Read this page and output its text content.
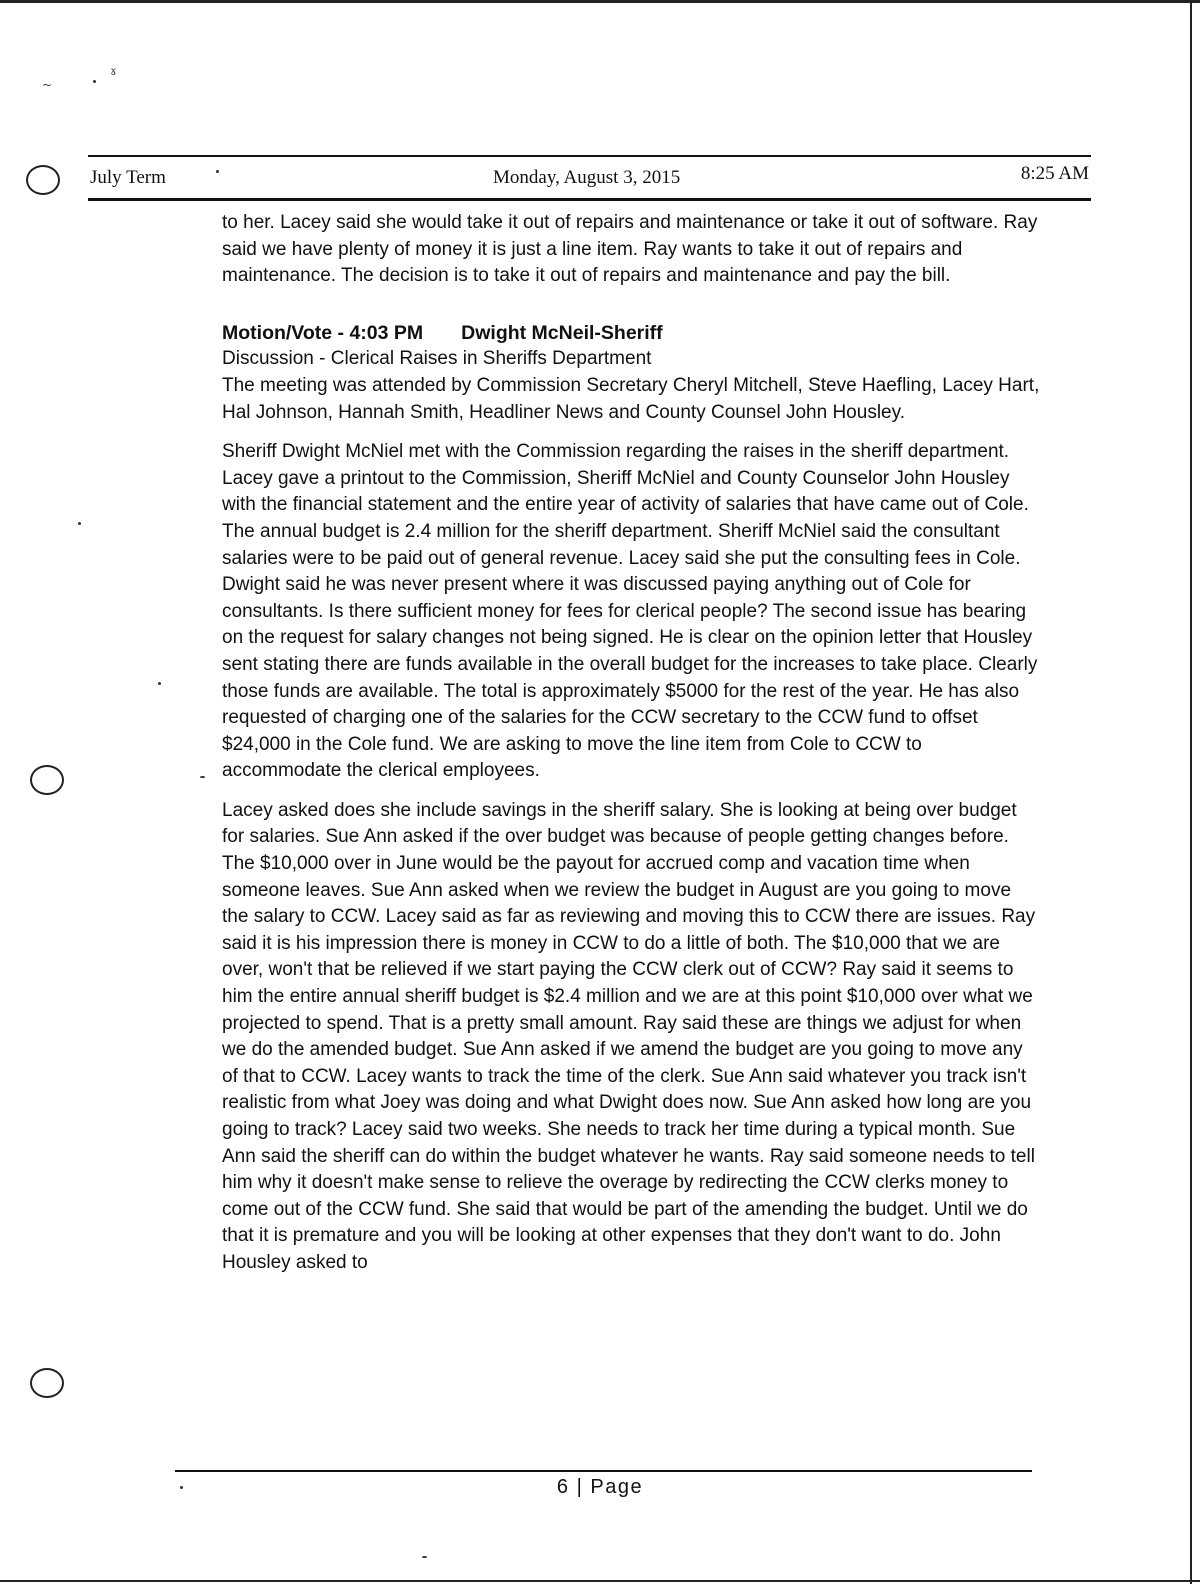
~
ɤ
July Term	Monday, August 3, 2015	8:25 AM

to her. Lacey said she would take it out of repairs and maintenance or take it out of software. Ray said we have plenty of money it is just a line item. Ray wants to take it out of repairs and maintenance. The decision is to take it out of repairs and maintenance and pay the bill.

Motion/Vote - 4:03 PM Dwight McNeil-Sheriff

Discussion - Clerical Raises in Sheriffs Department

The meeting was attended by Commission Secretary Cheryl Mitchell, Steve Haefling, Lacey Hart, Hal Johnson, Hannah Smith, Headliner News and County Counsel John Housley.

Sheriff Dwight McNiel met with the Commission regarding the raises in the sheriff department. Lacey gave a printout to the Commission, Sheriff McNiel and County Counselor John Housley with the financial statement and the entire year of activity of salaries that have came out of Cole. The annual budget is 2.4 million for the sheriff department. Sheriff McNiel said the consultant salaries were to be paid out of general revenue. Lacey said she put the consulting fees in Cole. Dwight said he was never present where it was discussed paying anything out of Cole for consultants. Is there sufficient money for fees for clerical people? The second issue has bearing on the request for salary changes not being signed. He is clear on the opinion letter that Housley sent stating there are funds available in the overall budget for the increases to take place. Clearly those funds are available. The total is approximately $5000 for the rest of the year. He has also requested of charging one of the salaries for the CCW secretary to the CCW fund to offset $24,000 in the Cole fund. We are asking to move the line item from Cole to CCW to accommodate the clerical employees.

Lacey asked does she include savings in the sheriff salary. She is looking at being over budget for salaries. Sue Ann asked if the over budget was because of people getting changes before. The $10,000 over in June would be the payout for accrued comp and vacation time when someone leaves. Sue Ann asked when we review the budget in August are you going to move the salary to CCW. Lacey said as far as reviewing and moving this to CCW there are issues. Ray said it is his impression there is money in CCW to do a little of both. The $10,000 that we are over, won't that be relieved if we start paying the CCW clerk out of CCW? Ray said it seems to him the entire annual sheriff budget is $2.4 million and we are at this point $10,000 over what we projected to spend. That is a pretty small amount. Ray said these are things we adjust for when we do the amended budget. Sue Ann asked if we amend the budget are you going to move any of that to CCW. Lacey wants to track the time of the clerk. Sue Ann said whatever you track isn't realistic from what Joey was doing and what Dwight does now. Sue Ann asked how long are you going to track? Lacey said two weeks. She needs to track her time during a typical month. Sue Ann said the sheriff can do within the budget whatever he wants. Ray said someone needs to tell him why it doesn't make sense to relieve the overage by redirecting the CCW clerks money to come out of the CCW fund. She said that would be part of the amending the budget. Until we do that it is premature and you will be looking at other expenses that they don't want to do. John Housley asked to

6 | Page
